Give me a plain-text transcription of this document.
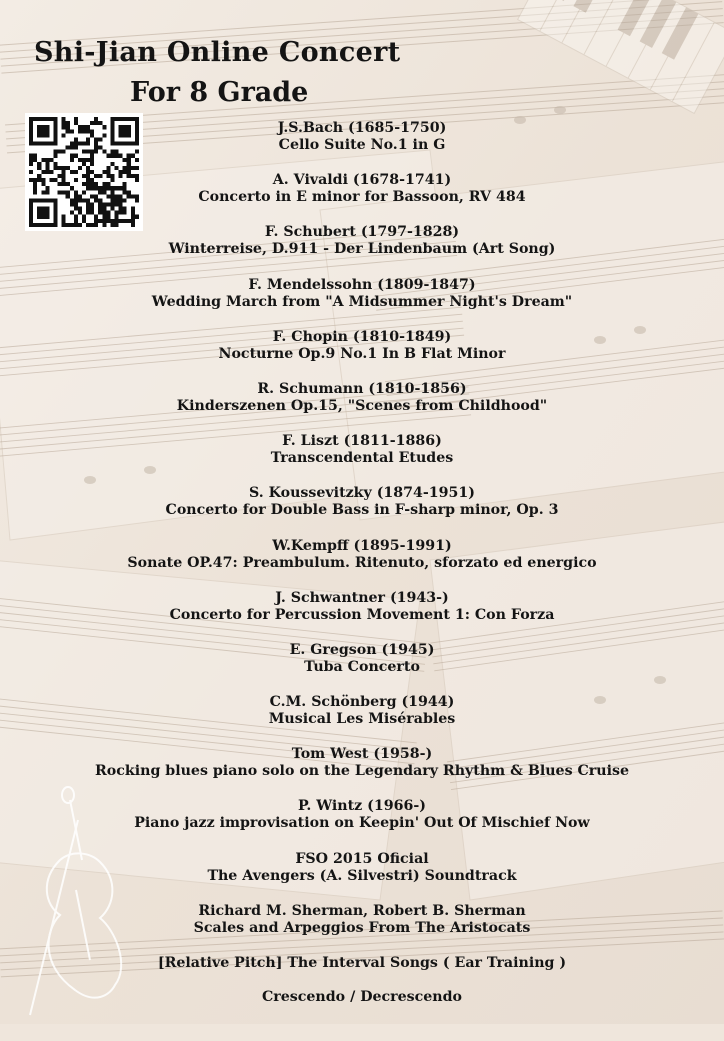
Shi-Jian Online Concert
For 8 Grade
J.S.Bach (1685-1750)
Cello Suite No.1 in G
A. Vivaldi (1678-1741)
Concerto in E minor for Bassoon, RV 484
F. Schubert (1797-1828)
Winterreise, D.911 - Der Lindenbaum (Art Song)
F. Mendelssohn (1809-1847)
Wedding March from "A Midsummer Night's Dream"
F. Chopin (1810-1849)
Nocturne Op.9 No.1 In B Flat Minor
R. Schumann (1810-1856)
Kinderszenen Op.15, "Scenes from Childhood"
F. Liszt (1811-1886)
Transcendental Etudes
S. Koussevitzky (1874-1951)
Concerto for Double Bass in F-sharp minor, Op. 3
W.Kempff (1895-1991)
Sonate OP.47: Preambulum. Ritenuto, sforzato ed energico
J. Schwantner (1943-)
Concerto for Percussion Movement 1: Con Forza
E. Gregson (1945)
Tuba Concerto
C.M. Schönberg (1944)
Musical Les Misérables
Tom West (1958-)
Rocking blues piano solo on the Legendary Rhythm & Blues Cruise
P. Wintz (1966-)
Piano jazz improvisation on Keepin' Out Of Mischief Now
FSO 2015 Oficial
The Avengers (A. Silvestri) Soundtrack
Richard M. Sherman, Robert B. Sherman
Scales and Arpeggios From The Aristocats
[Relative Pitch] The Interval Songs ( Ear Training )
Crescendo / Decrescendo
